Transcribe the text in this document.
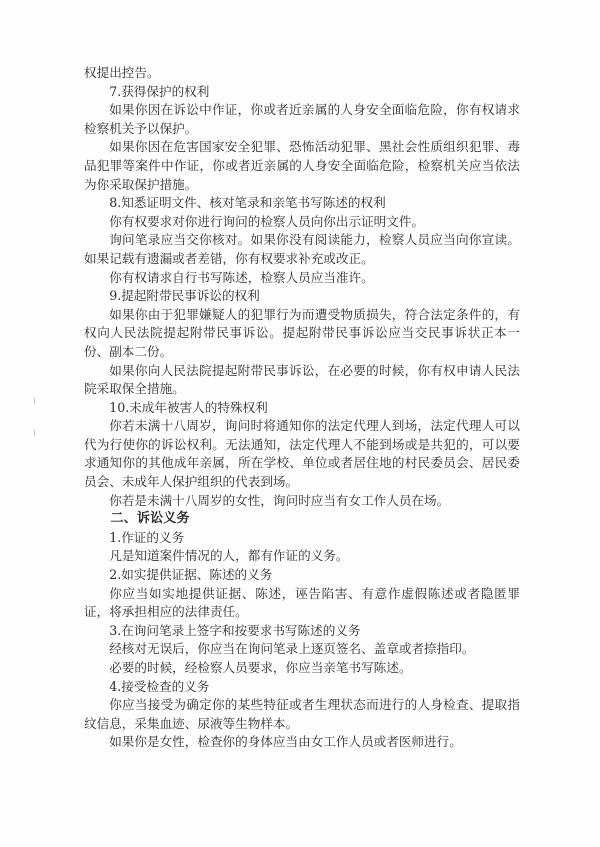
权提出控告。

7.获得保护的权利

如果你因在诉讼中作证，你或者近亲属的人身安全面临危险，你有权请求检察机关予以保护。

如果你因在危害国家安全犯罪、恐怖活动犯罪、黑社会性质组织犯罪、毒品犯罪等案件中作证，你或者近亲属的人身安全面临危险，检察机关应当依法为你采取保护措施。

8.知悉证明文件、核对笔录和亲笔书写陈述的权利

你有权要求对你进行询问的检察人员向你出示证明文件。

询问笔录应当交你核对。如果你没有阅读能力，检察人员应当向你宣读。如果记载有遗漏或者差错，你有权要求补充或改正。

你有权请求自行书写陈述，检察人员应当准许。

9.提起附带民事诉讼的权利

如果你由于犯罪嫌疑人的犯罪行为而遭受物质损失，符合法定条件的，有权向人民法院提起附带民事诉讼。提起附带民事诉讼应当交民事诉状正本一份、副本二份。

如果你向人民法院提起附带民事诉讼，在必要的时候，你有权申请人民法院采取保全措施。

10.未成年被害人的特殊权利

你若未满十八周岁，询问时将通知你的法定代理人到场，法定代理人可以代为行使你的诉讼权利。无法通知，法定代理人不能到场或是共犯的，可以要求通知你的其他成年亲属，所在学校、单位或者居住地的村民委员会、居民委员会、未成年人保护组织的代表到场。

你若是未满十八周岁的女性，询问时应当有女工作人员在场。

二、诉讼义务

1.作证的义务

凡是知道案件情况的人，都有作证的义务。

2.如实提供证据、陈述的义务

你应当如实地提供证据、陈述，诬告陷害、有意作虚假陈述或者隐匿罪证，将承担相应的法律责任。

3.在询问笔录上签字和按要求书写陈述的义务

经核对无误后，你应当在询问笔录上逐页签名、盖章或者捺指印。

必要的时候，经检察人员要求，你应当亲笔书写陈述。

4.接受检查的义务

你应当接受为确定你的某些特征或者生理状态而进行的人身检查、提取指纹信息，采集血迹、尿液等生物样本。

如果你是女性，检查你的身体应当由女工作人员或者医师进行。
